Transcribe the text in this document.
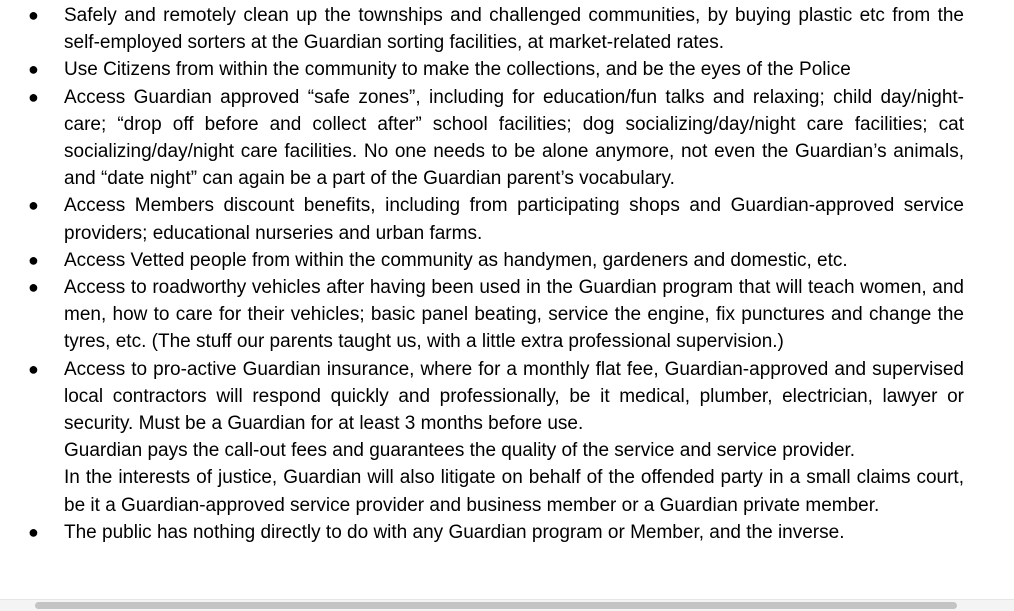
● Safely and remotely clean up the townships and challenged communities, by buying plastic etc from the self-employed sorters at the Guardian sorting facilities, at market-related rates.
● Use Citizens from within the community to make the collections, and be the eyes of the Police
● Access Guardian approved “safe zones”, including for education/fun talks and relaxing; child day/night-care; “drop off before and collect after” school facilities; dog socializing/day/night care facilities; cat socializing/day/night care facilities. No one needs to be alone anymore, not even the Guardian’s animals, and “date night” can again be a part of the Guardian parent’s vocabulary.
● Access Members discount benefits, including from participating shops and Guardian-approved service providers; educational nurseries and urban farms.
● Access Vetted people from within the community as handymen, gardeners and domestic, etc.
● Access to roadworthy vehicles after having been used in the Guardian program that will teach women, and men, how to care for their vehicles; basic panel beating, service the engine, fix punctures and change the tyres, etc. (The stuff our parents taught us, with a little extra professional supervision.)
● Access to pro-active Guardian insurance, where for a monthly flat fee, Guardian-approved and supervised local contractors will respond quickly and professionally, be it medical, plumber, electrician, lawyer or security. Must be a Guardian for at least 3 months before use.
Guardian pays the call-out fees and guarantees the quality of the service and service provider.
In the interests of justice, Guardian will also litigate on behalf of the offended party in a small claims court, be it a Guardian-approved service provider and business member or a Guardian private member.
● The public has nothing directly to do with any Guardian program or Member, and the inverse.
